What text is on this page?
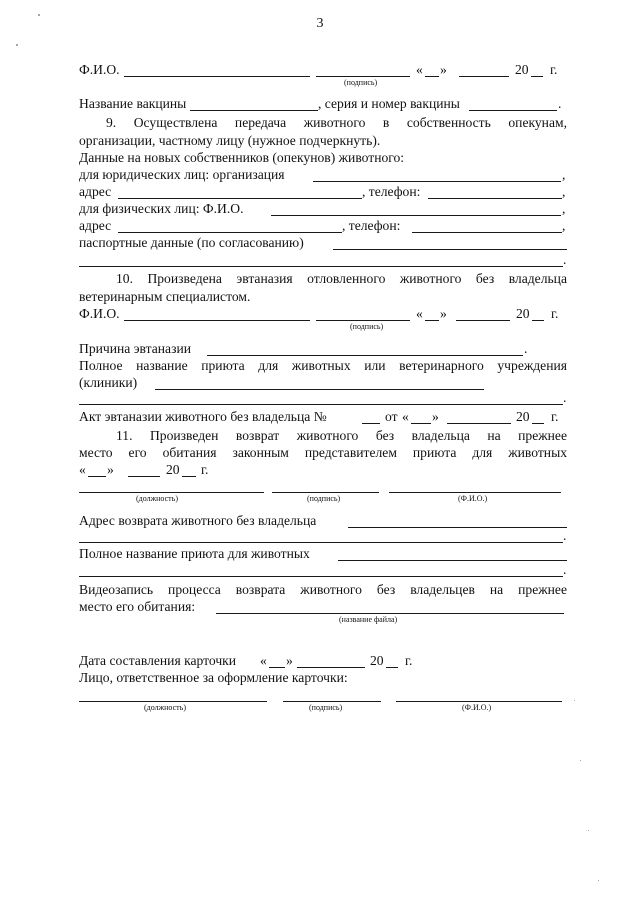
3
Ф.И.О.
(подпись)
« »	20 г.
Название вакцины	, серия и номер вакцины	.
9. Осуществлена передача животного в собственность опекунам,
организации, частному лицу (нужное подчеркнуть).
Данные на новых собственников (опекунов) животного:
для юридических лиц: организация	,
адрес	, телефон:	,
для физических лиц: Ф.И.О.	,
адрес	, телефон:	,
паспортные данные (по согласованию)
.
10. Произведена эвтаназия отловленного животного без владельца
ветеринарным специалистом.
Ф.И.О.
(подпись)
« »	20 г.
Причина эвтаназии	.
Полное название приюта для животных или ветеринарного учреждения
(клиники)
.
Акт эвтаназии животного без владельца №	от « »	20 г.
11. Произведен возврат животного без владельца на прежнее
место его обитания законным представителем приюта для животных
« »	20 г.
(должность)	(подпись)	(Ф.И.О.)
Адрес возврата животного без владельца
.
Полное название приюта для животных
.
Видеозапись процесса возврата животного без владельцев на прежнее
место его обитания:
(название файла)
Дата составления карточки « »	20 г.
Лицо, ответственное за оформление карточки:
(должность)	(подпись)	(Ф.И.О.)
